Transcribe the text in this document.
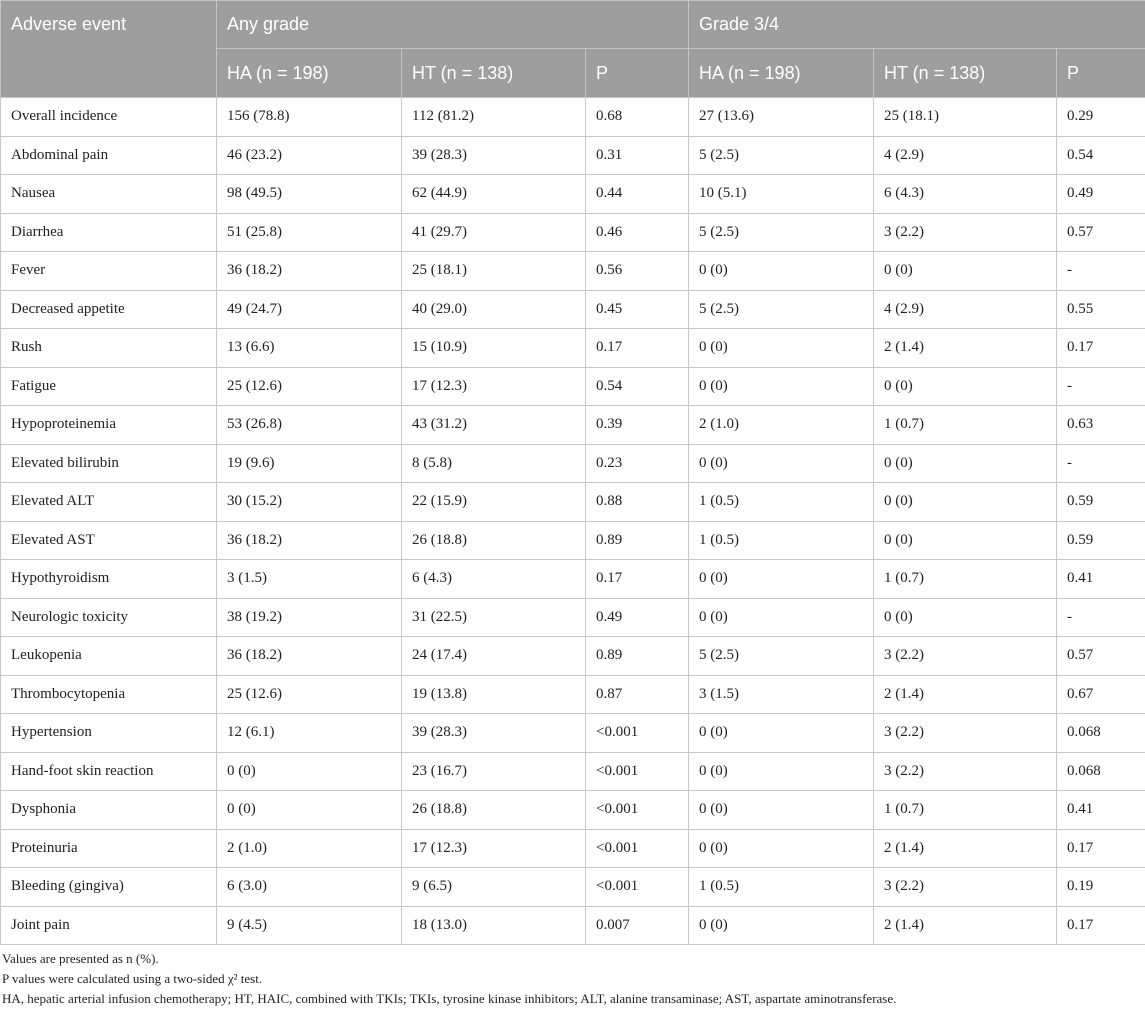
Adverse event	Any grade			Grade 3/4		
	HA (n = 198)	HT (n = 138)	P	HA (n = 198)	HT (n = 138)	P
Overall incidence	156 (78.8)	112 (81.2)	0.68	27 (13.6)	25 (18.1)	0.29
Abdominal pain	46 (23.2)	39 (28.3)	0.31	5 (2.5)	4 (2.9)	0.54
Nausea	98 (49.5)	62 (44.9)	0.44	10 (5.1)	6 (4.3)	0.49
Diarrhea	51 (25.8)	41 (29.7)	0.46	5 (2.5)	3 (2.2)	0.57
Fever	36 (18.2)	25 (18.1)	0.56	0 (0)	0 (0)	-
Decreased appetite	49 (24.7)	40 (29.0)	0.45	5 (2.5)	4 (2.9)	0.55
Rush	13 (6.6)	15 (10.9)	0.17	0 (0)	2 (1.4)	0.17
Fatigue	25 (12.6)	17 (12.3)	0.54	0 (0)	0 (0)	-
Hypoproteinemia	53 (26.8)	43 (31.2)	0.39	2 (1.0)	1 (0.7)	0.63
Elevated bilirubin	19 (9.6)	8 (5.8)	0.23	0 (0)	0 (0)	-
Elevated ALT	30 (15.2)	22 (15.9)	0.88	1 (0.5)	0 (0)	0.59
Elevated AST	36 (18.2)	26 (18.8)	0.89	1 (0.5)	0 (0)	0.59
Hypothyroidism	3 (1.5)	6 (4.3)	0.17	0 (0)	1 (0.7)	0.41
Neurologic toxicity	38 (19.2)	31 (22.5)	0.49	0 (0)	0 (0)	-
Leukopenia	36 (18.2)	24 (17.4)	0.89	5 (2.5)	3 (2.2)	0.57
Thrombocytopenia	25 (12.6)	19 (13.8)	0.87	3 (1.5)	2 (1.4)	0.67
Hypertension	12 (6.1)	39 (28.3)	<0.001	0 (0)	3 (2.2)	0.068
Hand-foot skin reaction	0 (0)	23 (16.7)	<0.001	0 (0)	3 (2.2)	0.068
Dysphonia	0 (0)	26 (18.8)	<0.001	0 (0)	1 (0.7)	0.41
Proteinuria	2 (1.0)	17 (12.3)	<0.001	0 (0)	2 (1.4)	0.17
Bleeding (gingiva)	6 (3.0)	9 (6.5)	<0.001	1 (0.5)	3 (2.2)	0.19
Joint pain	9 (4.5)	18 (13.0)	0.007	0 (0)	2 (1.4)	0.17
Values are presented as n (%).
P values were calculated using a two-sided χ² test.
HA, hepatic arterial infusion chemotherapy; HT, HAIC, combined with TKIs; TKIs, tyrosine kinase inhibitors; ALT, alanine transaminase; AST, aspartate aminotransferase.
